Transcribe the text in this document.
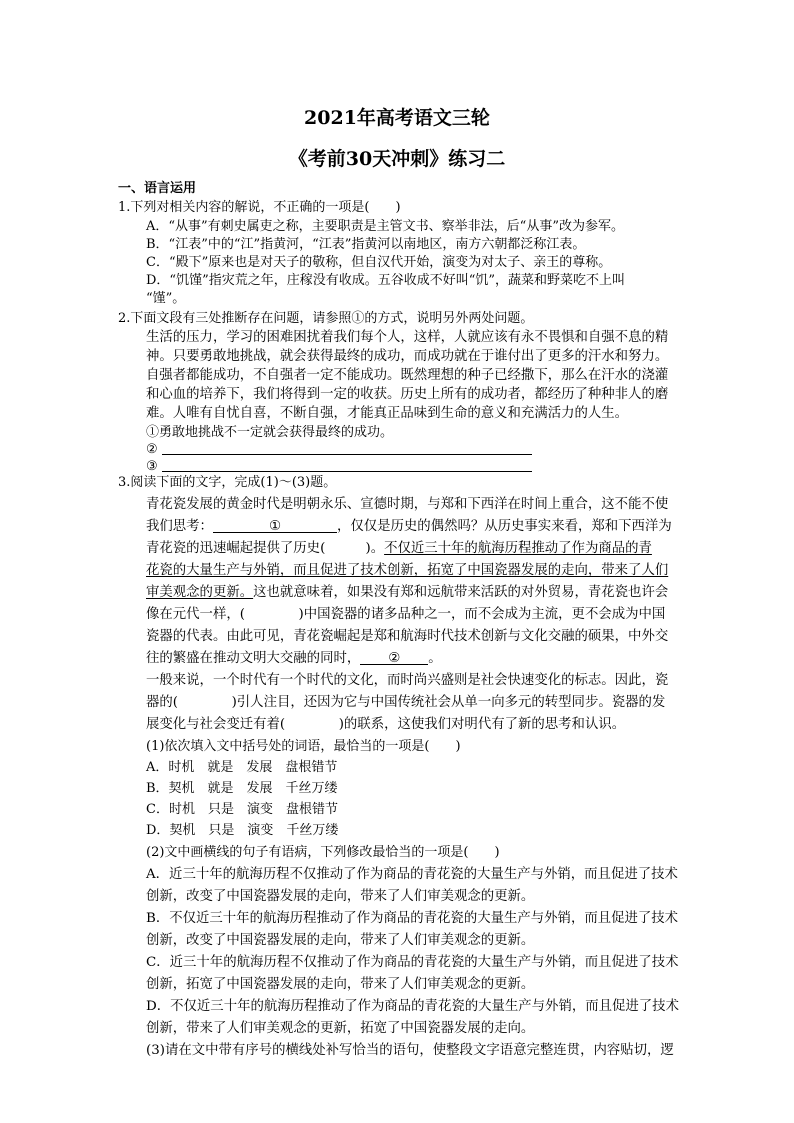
2021年高考语文三轮
《考前30天冲刺》练习二
一、语言运用
1.下列对相关内容的解说，不正确的一项是(　　)
A．“从事”有刺史属吏之称，主要职责是主管文书、察举非法，后“从事”改为参军。
B．“江表”中的“江”指黄河，“江表”指黄河以南地区，南方六朝都泛称江表。
C．“殿下”原来也是对天子的敬称，但自汉代开始，演变为对太子、亲王的尊称。
D．“饥馑”指灾荒之年，庄稼没有收成。五谷收成不好叫“饥”，蔬菜和野菜吃不上叫
“馑”。
2.下面文段有三处推断存在问题，请参照①的方式，说明另外两处问题。
生活的压力，学习的困难困扰着我们每个人，这样，人就应该有永不畏惧和自强不息的精
神。只要勇敢地挑战，就会获得最终的成功，而成功就在于谁付出了更多的汗水和努力。
自强者都能成功，不自强者一定不能成功。既然理想的种子已经撒下，那么在汗水的浇灌
和心血的培养下，我们将得到一定的收获。历史上所有的成功者，都经历了种种非人的磨
难。人唯有自忧自喜，不断自强，才能真正品味到生命的意义和充满活力的人生。
①勇敢地挑战不一定就会获得最终的成功。
②
③
3.阅读下面的文字，完成(1)～(3)题。
青花瓷发展的黄金时代是明朝永乐、宣德时期，与郑和下西洋在时间上重合，这不能不使
我们思考：	①	，仅仅是历史的偶然吗？从历史事实来看，郑和下西洋为
青花瓷的迅速崛起提供了历史(　　　)。不仅近三十年的航海历程推动了作为商品的青
花瓷的大量生产与外销，而且促进了技术创新，拓宽了中国瓷器发展的走向，带来了人们
审美观念的更新。这也就意味着，如果没有郑和远航带来活跃的对外贸易，青花瓷也许会
像在元代一样，(　　　　)中国瓷器的诸多品种之一，而不会成为主流，更不会成为中国
瓷器的代表。由此可见，青花瓷崛起是郑和航海时代技术创新与文化交融的硕果，中外交
往的繁盛在推动文明大交融的同时， ② 。
一般来说，一个时代有一个时代的文化，而时尚兴盛则是社会快速变化的标志。因此，瓷
器的(　　　　)引人注目，还因为它与中国传统社会从单一向多元的转型同步。瓷器的发
展变化与社会变迁有着(　　　　)的联系，这使我们对明代有了新的思考和认识。
(1)依次填入文中括号处的词语，最恰当的一项是(　　)
A．时机　就是　发展　盘根错节
B．契机　就是　发展　千丝万缕
C．时机　只是　演变　盘根错节
D．契机　只是　演变　千丝万缕
(2)文中画横线的句子有语病，下列修改最恰当的一项是(　　)
A．近三十年的航海历程不仅推动了作为商品的青花瓷的大量生产与外销，而且促进了技术
创新，改变了中国瓷器发展的走向，带来了人们审美观念的更新。
B．不仅近三十年的航海历程推动了作为商品的青花瓷的大量生产与外销，而且促进了技术
创新，改变了中国瓷器发展的走向，带来了人们审美观念的更新。
C．近三十年的航海历程不仅推动了作为商品的青花瓷的大量生产与外销，而且促进了技术
创新，拓宽了中国瓷器发展的走向，带来了人们审美观念的更新。
D．不仅近三十年的航海历程推动了作为商品的青花瓷的大量生产与外销，而且促进了技术
创新，带来了人们审美观念的更新，拓宽了中国瓷器发展的走向。
(3)请在文中带有序号的横线处补写恰当的语句，使整段文字语意完整连贯，内容贴切，逻
